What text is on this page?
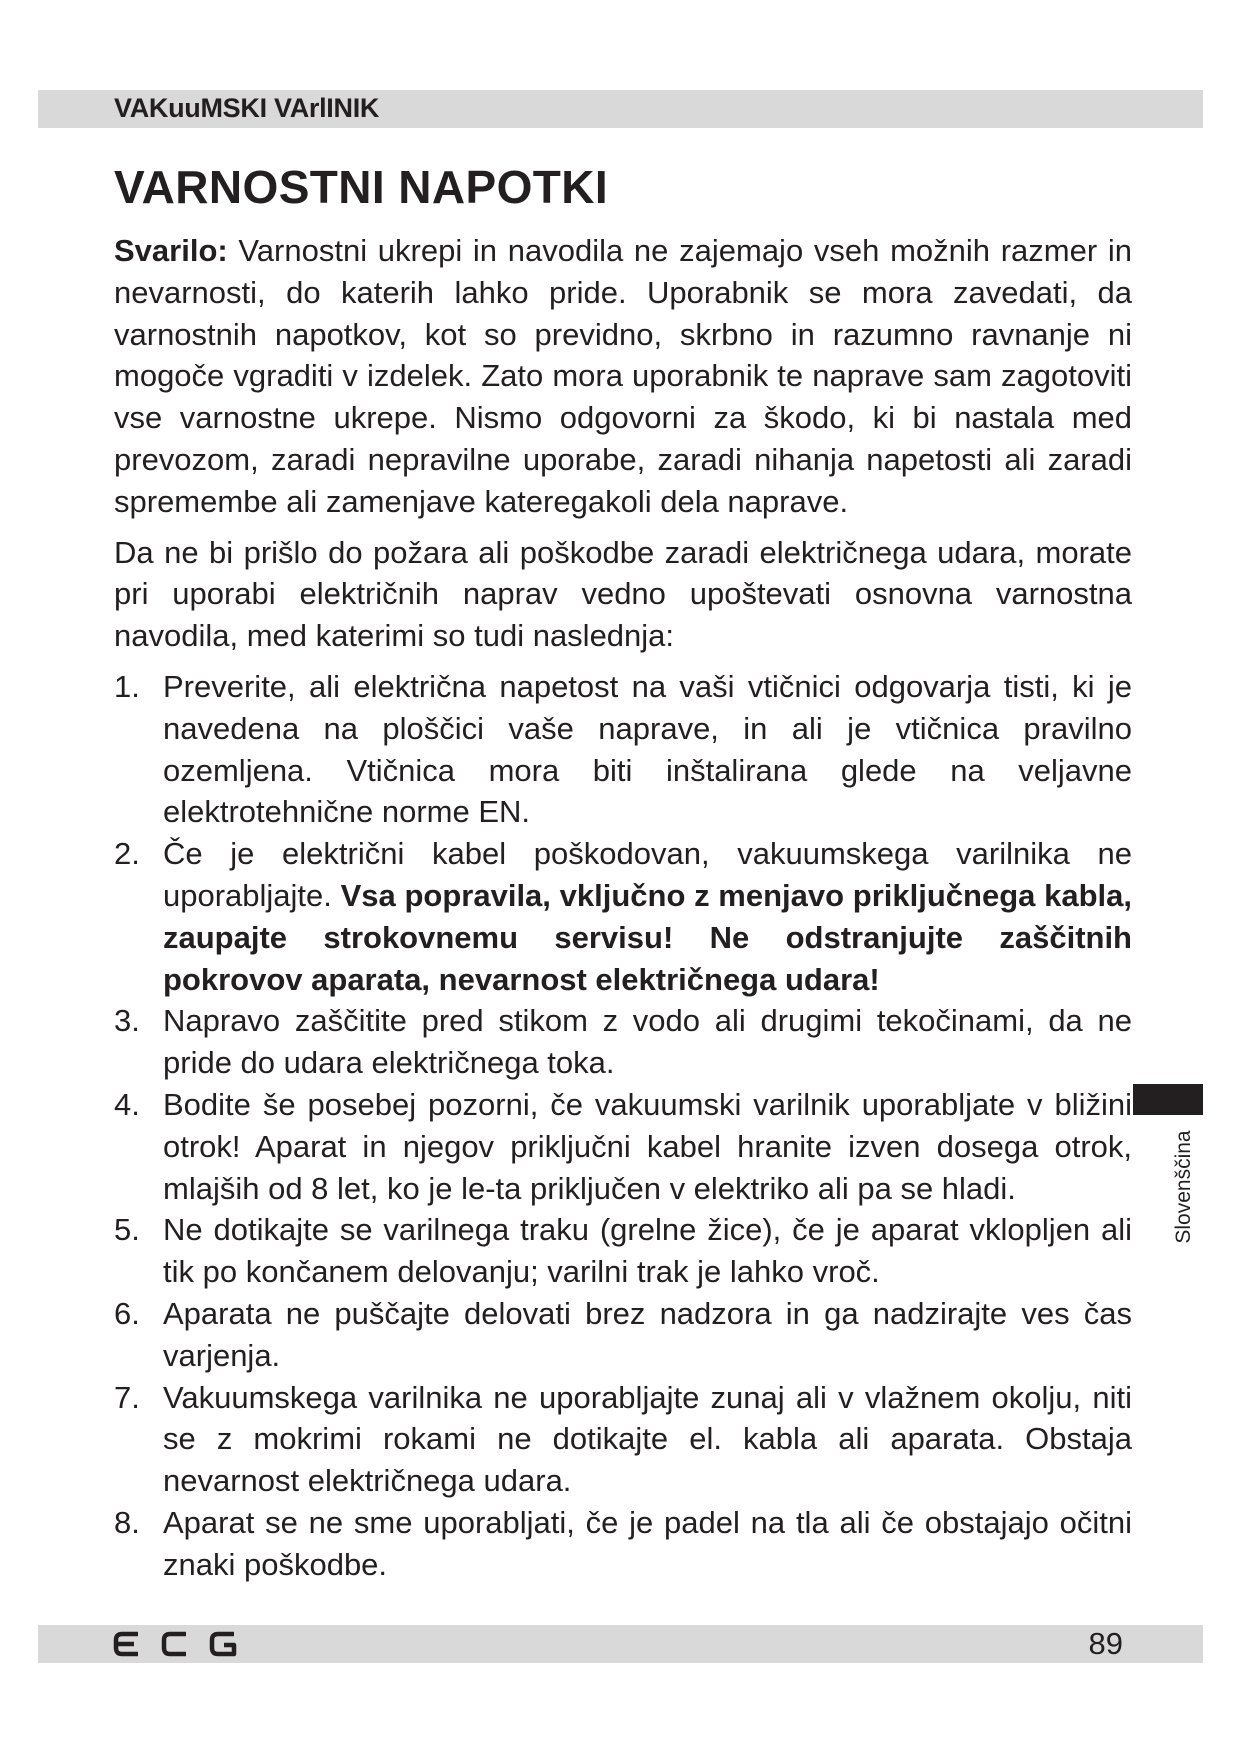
VAKuuMSKI VArlINIK
VARNOSTNI NAPOTKI

Svarilo: Varnostni ukrepi in navodila ne zajemajo vseh možnih razmer in nevarnosti, do katerih lahko pride. Uporabnik se mora zavedati, da varnostnih napotkov, kot so previdno, skrbno in razumno ravnanje ni mogoče vgraditi v izdelek. Zato mora uporabnik te naprave sam zagotoviti vse varnostne ukrepe. Nismo odgovorni za škodo, ki bi nastala med prevozom, zaradi nepravilne uporabe, zaradi nihanja napetosti ali zaradi spremembe ali zamenjave kateregakoli dela naprave.

Da ne bi prišlo do požara ali poškodbe zaradi električnega udara, morate pri uporabi električnih naprav vedno upoštevati osnovna varnostna navodila, med katerimi so tudi naslednja:

1. Preverite, ali električna napetost na vaši vtičnici odgovarja tisti, ki je navedena na ploščici vaše naprave, in ali je vtičnica pravilno ozemljena. Vtičnica mora biti inštalirana glede na veljavne elektrotehnične norme EN.
2. Če je električni kabel poškodovan, vakuumskega varilnika ne uporabljajte. Vsa popravila, vključno z menjavo priključnega kabla, zaupajte strokovnemu servisu! Ne odstranjujte zaščitnih pokrovov aparata, nevarnost električnega udara!
3. Napravo zaščitite pred stikom z vodo ali drugimi tekočinami, da ne pride do udara električnega toka.
4. Bodite še posebej pozorni, če vakuumski varilnik uporabljate v bližini otrok! Aparat in njegov priključni kabel hranite izven dosega otrok, mlajših od 8 let, ko je le-ta priključen v elektriko ali pa se hladi.
5. Ne dotikajte se varilnega traku (grelne žice), če je aparat vklopljen ali tik po končanem delovanju; varilni trak je lahko vroč.
6. Aparata ne puščajte delovati brez nadzora in ga nadzirajte ves čas varjenja.
7. Vakuumskega varilnika ne uporabljajte zunaj ali v vlažnem okolju, niti se z mokrimi rokami ne dotikajte el. kabla ali aparata. Obstaja nevarnost električnega udara.
8. Aparat se ne sme uporabljati, če je padel na tla ali če obstajajo očitni znaki poškodbe.
Slovenščina
89
